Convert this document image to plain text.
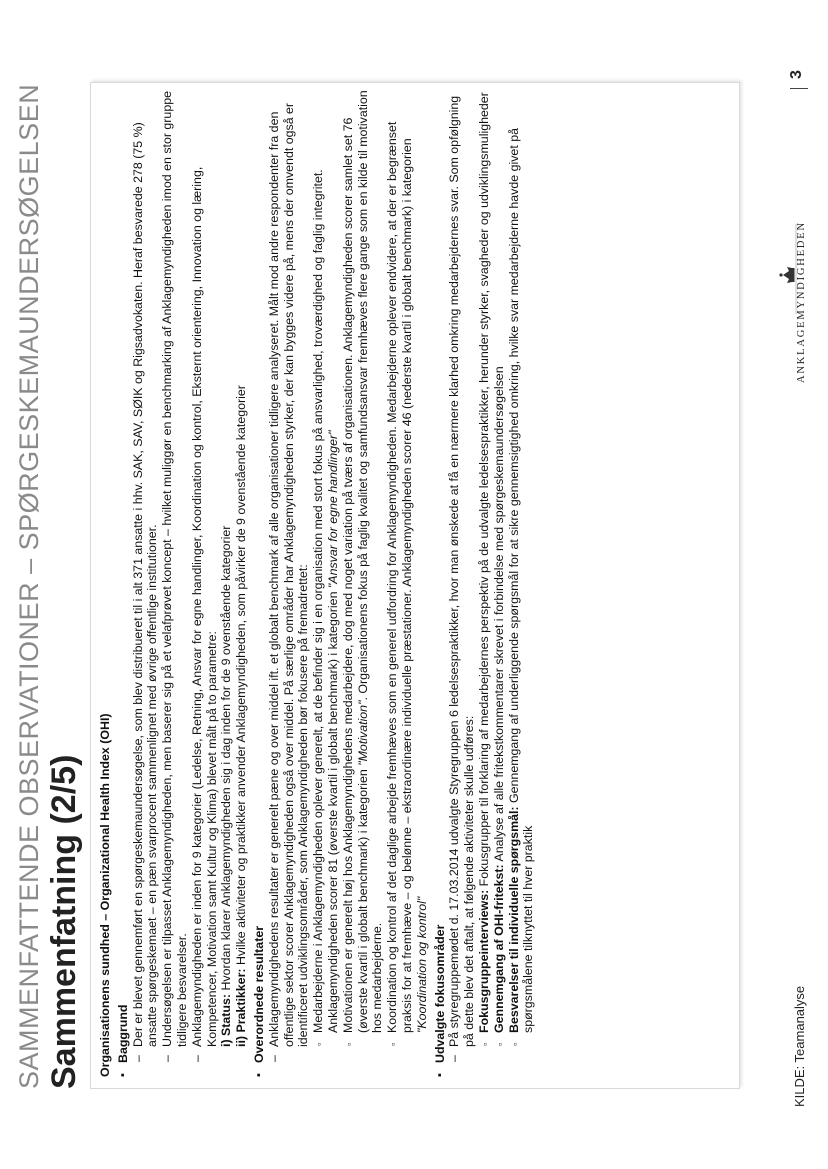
SAMMENFATTENDE OBSERVATIONER – SPØRGESKEMAUNDERSØGELSEN Sammenfatning (2/5) Organisationens sundhed – Organizational Health Index (OHI) ▪ Baggrund –
Der er blevet gennemført en spørgeskemaundersøgelse, som blev distribueret til i alt 371 ansatte i hhv. SAK, SAV, SØIK og Rigsadvokaten. Heraf besvarede 278 (75 %) ansatte spørgeskemaet – en pæn svarprocent sammenlignet med øvrige offentlige institutioner.

–
Undersøgelsen er tilpasset Anklagemyndigheden, men baserer sig på et velafprøvet koncept – hvilket muliggør en benchmarking af Anklagemyndigheden imod en stor gruppe tidligere besvarelser.

–
Anklagemyndigheden er inden for 9 kategorier (Ledelse, Retning, Ansvar for egne handlinger, Koordination og kontrol, Eksternt orientering, Innovation og læring, Kompetencer, Motivation samt Kultur og Klima) blevet målt på to parametre:
i) Status: Hvordan klarer Anklagemyndigheden sig i dag inden for de 9 ovenstående kategorier
ii) Praktikker: Hvilke aktiviteter og praktikker anvender Anklagemyndigheden, som påvirker de 9 ovenstående kategorier

▪ Overordnede resultater –
Anklagemyndighedens resultater er generelt pæne og over middel ift. et globalt benchmark af alle organisationer tidligere analyseret. Målt mod andre respondenter fra den offentlige sektor scorer Anklagemyndigheden også over middel. På særlige områder har Anklagemyndigheden styrker, der kan bygges videre på, mens der omvendt også er identificeret udviklingsområder, som Anklagemyndigheden bør fokusere på fremadrettet: ▫
Medarbejderne i Anklagemyndigheden oplever generelt, at de befinder sig i en organisation med stort fokus på ansvarlighed, troværdighed og faglig integritet. Anklagemyndigheden scorer 81 (øverste kvartil i globalt benchmark) i kategorien "Ansvar for egne handlinger"

▫
Motivationen er generelt høj hos Anklagemyndighedens medarbejdere, dog med noget variation på tværs af organisationen. Anklagemyndigheden scorer samlet set 76 (øverste kvartil i globalt benchmark) i kategorien "Motivation". Organisationens fokus på faglig kvalitet og samfundsansvar fremhæves flere gange som en kilde til motivation hos medarbejderne.

▫
Koordination og kontrol af det daglige arbejde fremhæves som en generel udfordring for Anklagemyndigheden. Medarbejderne oplever endvidere, at der er begrænset praksis for at fremhæve – og belønne – ekstraordinære individuelle præstationer. Anklagemyndigheden scorer 46 (nederste kvartil i globalt benchmark) i kategorien "Koordination og kontrol" ▪ Udvalgte fokusområder –
På styregruppemødet d. 17.03.2014 udvalgte Styregruppen 6 ledelsespraktikker, hvor man ønskede at få en nærmere klarhed omkring medarbejdernes svar. Som opfølgning på dette blev det aftalt, at følgende aktiviteter skulle udføres: ▫
Fokusgruppeinterviews: Fokusgrupper til forklaring af medarbejdernes perspektiv på de udvalgte ledelsespraktikker, herunder styrker, svagheder og udviklingsmuligheder

▫
Gennemgang af OHI-fritekst: Analyse af alle fritekstkommentarer skrevet i forbindelse med spørgeskemaundersøgelsen

▫
Besvarelser til individuelle spørgsmål: Gennemgang af underliggende spørgsmål for at sikre gennemsigtighed omkring, hvilke svar medarbejderne havde givet på spørgsmålene tilknyttet til hver praktik

KILDE: Teamanalyse
ANKLAGEMYNDIGHEDEN
3
